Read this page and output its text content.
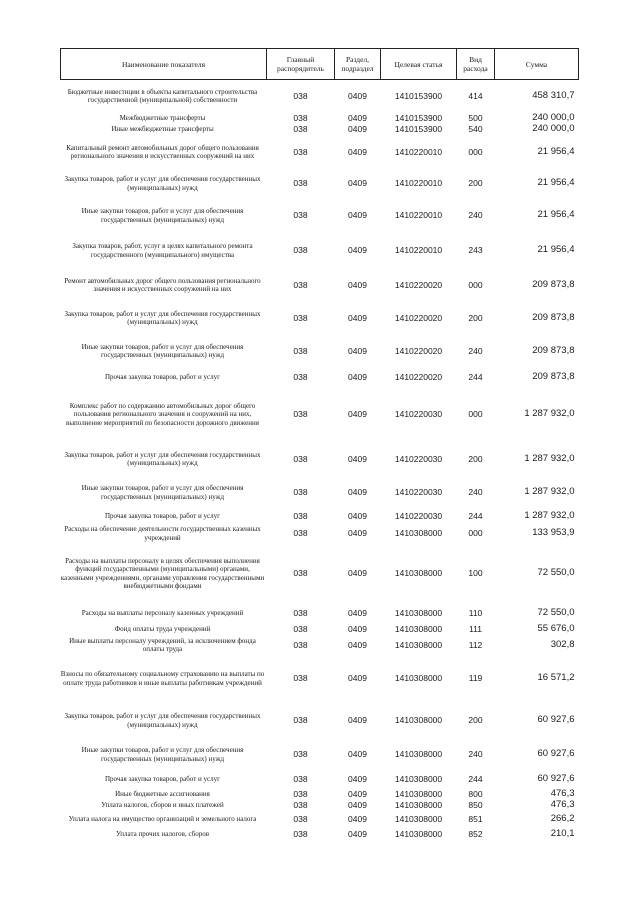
Наименование показателя	Главный распорядитель	Раздел, подраздел	Целевая статья	Вид расхода	Сумма
Бюджетные инвестиции в объекты капитального строительства государственной (муниципальной) собственности	038	0409	1410153900	414	458 310,7
Межбюджетные трансферты	038	0409	1410153900	500	240 000,0
Иные межбюджетные трансферты	038	0409	1410153900	540	240 000,0
Капитальный ремонт автомобильных дорог общего пользования регионального значения и искусственных сооружений на них	038	0409	1410220010	000	21 956,4
Закупка товаров, работ и услуг для обеспечения государственных (муниципальных) нужд	038	0409	1410220010	200	21 956,4
Иные закупки товаров, работ и услуг для обеспечения государственных (муниципальных) нужд	038	0409	1410220010	240	21 956,4
Закупка товаров, работ, услуг в целях капитального ремонта государственного (муниципального) имущества	038	0409	1410220010	243	21 956,4
Ремонт автомобильных дорог общего пользования регионального значения и искусственных сооружений на них	038	0409	1410220020	000	209 873,8
Закупка товаров, работ и услуг для обеспечения государственных (муниципальных) нужд	038	0409	1410220020	200	209 873,8
Иные закупки товаров, работ и услуг для обеспечения государственных (муниципальных) нужд	038	0409	1410220020	240	209 873,8
Прочая закупка товаров, работ и услуг	038	0409	1410220020	244	209 873,8
Комплекс работ по содержанию автомобильных дорог общего пользования регионального значения и сооружений на них, выполнение мероприятий по безопасности дорожного движения	038	0409	1410220030	000	1 287 932,0
Закупка товаров, работ и услуг для обеспечения государственных (муниципальных) нужд	038	0409	1410220030	200	1 287 932,0
Иные закупки товаров, работ и услуг для обеспечения государственных (муниципальных) нужд	038	0409	1410220030	240	1 287 932,0
Прочая закупка товаров, работ и услуг	038	0409	1410220030	244	1 287 932,0
Расходы на обеспечение деятельности государственных казенных учреждений	038	0409	1410308000	000	133 953,9
Расходы на выплаты персоналу в целях обеспечения выполнения функций государственными (муниципальными) органами, казенными учреждениями, органами управления государственными внебюджетными фондами	038	0409	1410308000	100	72 550,0
Расходы на выплаты персоналу казенных учреждений	038	0409	1410308000	110	72 550,0
Фонд оплаты труда учреждений	038	0409	1410308000	111	55 676,0
Иные выплаты персоналу учреждений, за исключением фонда оплаты труда	038	0409	1410308000	112	302,8
Взносы по обязательному социальному страхованию на выплаты по оплате труда работников и иные выплаты работникам учреждений	038	0409	1410308000	119	16 571,2
Закупка товаров, работ и услуг для обеспечения государственных (муниципальных) нужд	038	0409	1410308000	200	60 927,6
Иные закупки товаров, работ и услуг для обеспечения государственных (муниципальных) нужд	038	0409	1410308000	240	60 927,6
Прочая закупка товаров, работ и услуг	038	0409	1410308000	244	60 927,6
Иные бюджетные ассигнования	038	0409	1410308000	800	476,3
Уплата налогов, сборов и иных платежей	038	0409	1410308000	850	476,3
Уплата налога на имущество организаций и земельного налога	038	0409	1410308000	851	266,2
Уплата прочих налогов, сборов	038	0409	1410308000	852	210,1
